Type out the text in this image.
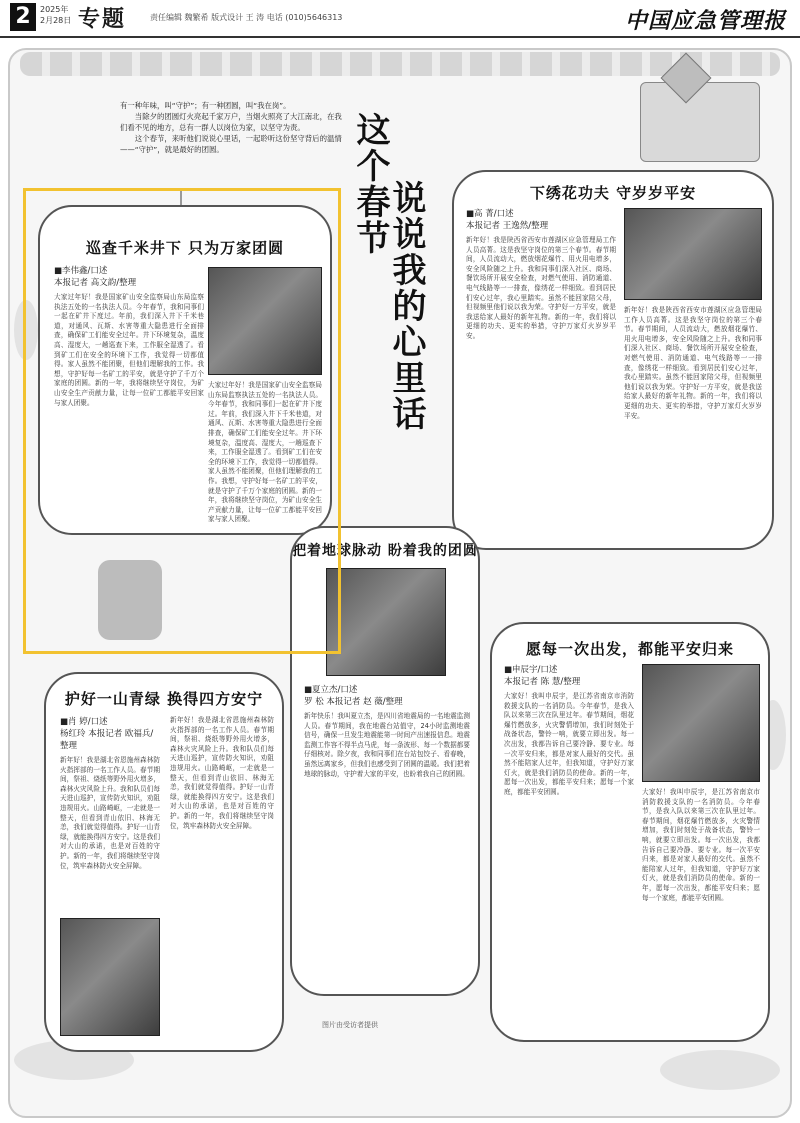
2	2025年
2月28日 专题	责任编辑 魏繁希 版式设计 王 涛 电话 (010)5646313	中国应急管理报

有一种年味，叫“守护”；有一种团圆，叫“我在岗”。

当除夕的团圆灯火亮起千家万户，当烟火照亮了大江南北，在我们看不见的地方，总有一群人以岗位为家，以坚守为责。

这个春节，来听他们说说心里话，一起聆听这份坚守背后的温情——“守护”，就是最好的团圆。	这个春节
说说我的心里话
巡查千米井下 只为万家团圆
■李伟鑫/口述
本报记者 高文韵/整理
大家过年好！我是国家矿山安全监察局山东局监察执法五处的一名执法人员。今年春节，我和同事们一起在矿井下度过。年前，我们深入井下千米巷道，对通风、瓦斯、水害等重大隐患进行全面排查，确保矿工们能安全过年。井下环境复杂，温度高、湿度大，一趟巡查下来，工作服全湿透了。看到矿工们在安全的环境下工作，我觉得一切都值得。家人虽然不能团聚，但他们理解我的工作。我想，守护好每一名矿工的平安，就是守护了千万个家庭的团圆。新的一年，我将继续坚守岗位，为矿山安全生产贡献力量，让每一位矿工都能平安回家与家人团聚。
大家过年好！我是国家矿山安全监察局山东局监察执法五处的一名执法人员。今年春节，我和同事们一起在矿井下度过。年前，我们深入井下千米巷道，对通风、瓦斯、水害等重大隐患进行全面排查，确保矿工们能安全过年。井下环境复杂，温度高、湿度大，一趟巡查下来，工作服全湿透了。看到矿工们在安全的环境下工作，我觉得一切都值得。家人虽然不能团聚，但他们理解我的工作。我想，守护好每一名矿工的平安，就是守护了千万个家庭的团圆。新的一年，我将继续坚守岗位，为矿山安全生产贡献力量，让每一位矿工都能平安回家与家人团聚。
下绣花功夫 守岁岁平安
■高 菁/口述
本报记者 王逸然/整理
新年好！我是陕西省西安市莲湖区应急管理局工作人员高菁。这是我坚守岗位的第三个春节。春节期间，人员流动大，燃放烟花爆竹、用火用电增多，安全风险随之上升。我和同事们深入社区、商场、餐饮场所开展安全检查，对燃气使用、消防通道、电气线路等一一排查，像绣花一样细致。看到居民们安心过年，我心里踏实。虽然不能回家陪父母，但视频里他们说以我为荣。守护好一方平安，就是我送给家人最好的新年礼物。新的一年，我们将以更细的功夫、更实的举措，守护万家灯火岁岁平安。
新年好！我是陕西省西安市莲湖区应急管理局工作人员高菁。这是我坚守岗位的第三个春节。春节期间，人员流动大，燃放烟花爆竹、用火用电增多，安全风险随之上升。我和同事们深入社区、商场、餐饮场所开展安全检查，对燃气使用、消防通道、电气线路等一一排查，像绣花一样细致。看到居民们安心过年，我心里踏实。虽然不能回家陪父母，但视频里他们说以我为荣。守护好一方平安，就是我送给家人最好的新年礼物。新的一年，我们将以更细的功夫、更实的举措，守护万家灯火岁岁平安。
把着地球脉动 盼着我的团圆
■夏立杰/口述
罗 松 本报记者 赵 薇/整理
新年快乐！我叫夏立杰，是四川省地震局的一名地震监测人员。春节期间，我在地震台站值守，24小时监测地震信号，确保一旦发生地震能第一时间产出速报信息。地震监测工作容不得半点马虎，每一条波形、每一个数据都要仔细核对。除夕夜，我和同事们在台站包饺子、看春晚，虽然远离家乡，但我们也感受到了团圆的温暖。我们把着地球的脉动，守护着大家的平安，也盼着我自己的团圆。
护好一山青绿 换得四方安宁
■肖 婷/口述
杨红玲 本报记者 欧福兵/整理
新年好！我是湖北省恩施州森林防火指挥部的一名工作人员。春节期间，祭祖、烧纸等野外用火增多，森林火灾风险上升。我和队员们每天进山巡护，宣传防火知识，劝阻违规用火。山路崎岖，一走就是一整天，但看到青山依旧、林海无恙，我们就觉得值得。护好一山青绿，就能换得四方安宁。这是我们对大山的承诺，也是对百姓的守护。新的一年，我们将继续坚守岗位，筑牢森林防火安全屏障。
新年好！我是湖北省恩施州森林防火指挥部的一名工作人员。春节期间，祭祖、烧纸等野外用火增多，森林火灾风险上升。我和队员们每天进山巡护，宣传防火知识，劝阻违规用火。山路崎岖，一走就是一整天，但看到青山依旧、林海无恙，我们就觉得值得。护好一山青绿，就能换得四方安宁。这是我们对大山的承诺，也是对百姓的守护。新的一年，我们将继续坚守岗位，筑牢森林防火安全屏障。
愿每一次出发，都能平安归来
■申辰宇/口述
本报记者 陈 慧/整理
大家好！我叫申辰宇，是江苏省南京市消防救援支队的一名消防员。今年春节，是我入队以来第三次在队里过年。春节期间，烟花爆竹燃放多，火灾警情增加，我们时刻处于战备状态，警铃一响，就要立即出发。每一次出发，我都告诉自己要冷静、要专业。每一次平安归来，都是对家人最好的交代。虽然不能陪家人过年，但我知道，守护好万家灯火，就是我们消防员的使命。新的一年，愿每一次出发，都能平安归来；愿每一个家庭，都能平安团圆。	大家好！我叫申辰宇，是江苏省南京市消防救援支队的一名消防员。今年春节，是我入队以来第三次在队里过年。春节期间，烟花爆竹燃放多，火灾警情增加，我们时刻处于战备状态，警铃一响，就要立即出发。每一次出发，我都告诉自己要冷静、要专业。每一次平安归来，都是对家人最好的交代。虽然不能陪家人过年，但我知道，守护好万家灯火，就是我们消防员的使命。新的一年，愿每一次出发，都能平安归来；愿每一个家庭，都能平安团圆。
图片由受访者提供
